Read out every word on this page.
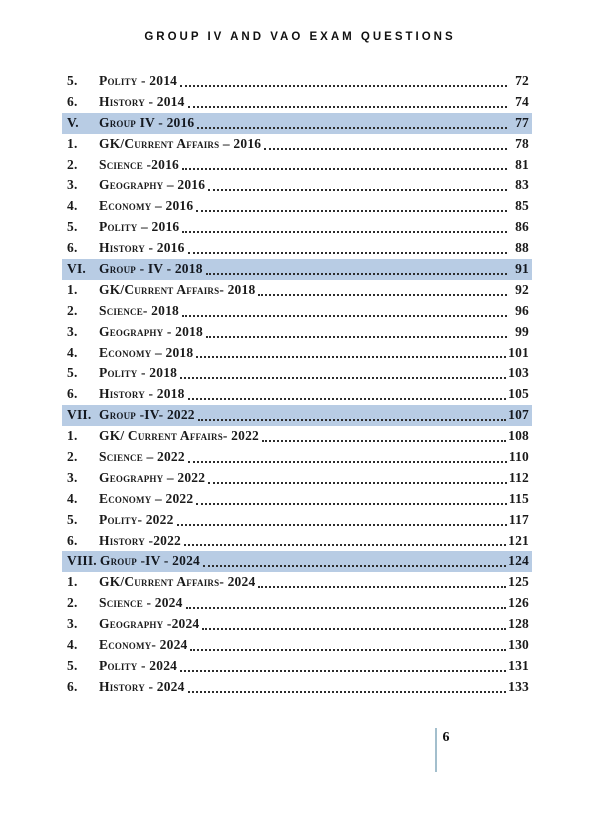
GROUP IV AND VAO EXAM QUESTIONS
5.	Polity - 2014	72
6.	History - 2014	74
V.	Group IV - 2016	77
1.	GK/Current Affairs – 2016	78
2.	Science -2016	81
3.	Geography – 2016	83
4.	Economy – 2016	85
5.	Polity – 2016	86
6.	History - 2016	88
VI. Group - IV - 2018	91
1.	GK/Current Affairs- 2018	92
2.	Science- 2018	96
3.	Geography - 2018	99
4.	Economy – 2018	101
5.	Polity - 2018	103
6.	History - 2018	105
VII. Group -IV- 2022	107
1.	GK/ Current Affairs- 2022	108
2.	Science – 2022	110
3.	Geography – 2022	112
4.	Economy – 2022	115
5.	Polity- 2022	117
6.	History -2022	121
VIII. Group -IV - 2024	124
1.	GK/Current Affairs- 2024	125
2.	Science - 2024	126
3.	Geography -2024	128
4.	Economy- 2024	130
5.	Polity - 2024	131
6.	History - 2024	133
6
